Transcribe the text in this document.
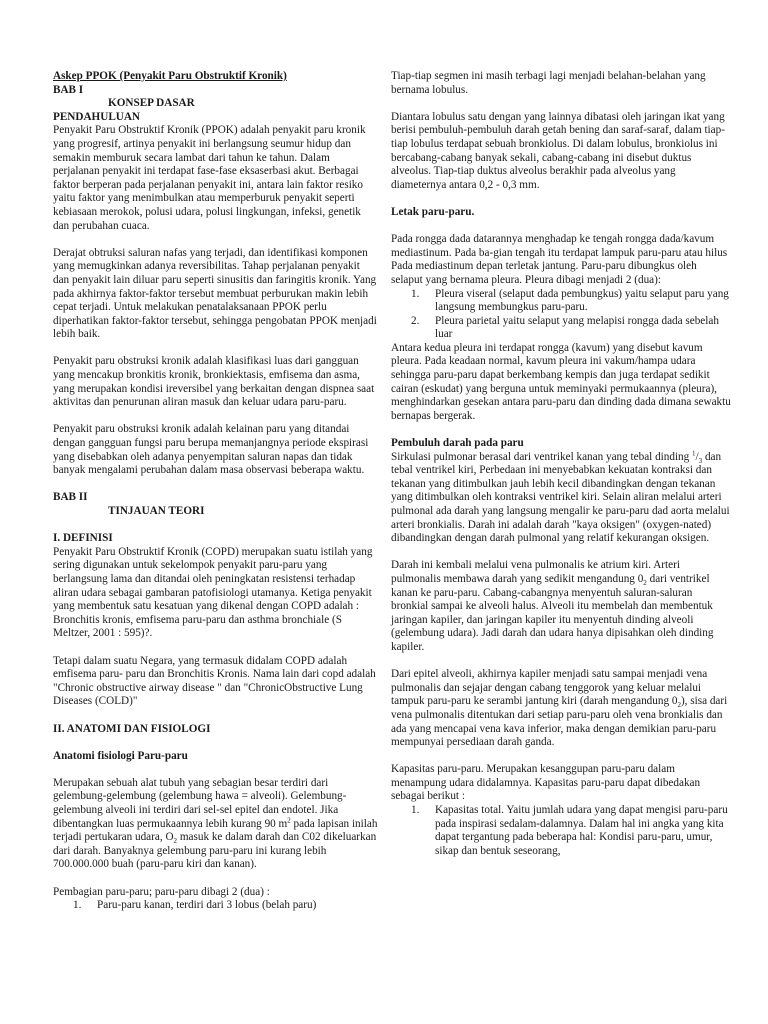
Askep PPOK (Penyakit Paru Obstruktif Kronik)

BAB I

KONSEP DASAR

PENDAHULUAN

Penyakit Paru Obstruktif Kronik (PPOK) adalah penyakit paru kronik yang progresif, artinya penyakit ini berlangsung seumur hidup dan semakin memburuk secara lambat dari tahun ke tahun. Dalam perjalanan penyakit ini terdapat fase-fase eksaserbasi akut. Berbagai faktor berperan pada perjalanan penyakit ini, antara lain faktor resiko yaitu faktor yang menimbulkan atau memperburuk penyakit seperti kebiasaan merokok, polusi udara, polusi lingkungan, infeksi, genetik dan perubahan cuaca.

Derajat obtruksi saluran nafas yang terjadi, dan identifikasi komponen yang memugkinkan adanya reversibilitas. Tahap perjalanan penyakit dan penyakit lain diluar paru seperti sinusitis dan faringitis kronik. Yang pada akhirnya faktor-faktor tersebut membuat perburukan makin lebih cepat terjadi. Untuk melakukan penatalaksanaan PPOK perlu diperhatikan faktor-faktor tersebut, sehingga pengobatan PPOK menjadi lebih baik.

Penyakit paru obstruksi kronik adalah klasifikasi luas dari gangguan yang mencakup bronkitis kronik, bronkiektasis, emfisema dan asma, yang merupakan kondisi ireversibel yang berkaitan dengan dispnea saat aktivitas dan penurunan aliran masuk dan keluar udara paru-paru.

Penyakit paru obstruksi kronik adalah kelainan paru yang ditandai dengan gangguan fungsi paru berupa memanjangnya periode ekspirasi yang disebabkan oleh adanya penyempitan saluran napas dan tidak banyak mengalami perubahan dalam masa observasi beberapa waktu.

BAB II

TINJAUAN TEORI

I. DEFINISI

Penyakit Paru Obstruktif Kronik (COPD) merupakan suatu istilah yang sering digunakan untuk sekelompok penyakit paru-paru yang berlangsung lama dan ditandai oleh peningkatan resistensi terhadap aliran udara sebagai gambaran patofisiologi utamanya. Ketiga penyakit yang membentuk satu kesatuan yang dikenal dengan COPD adalah : Bronchitis kronis, emfisema paru-paru dan asthma bronchiale (S Meltzer, 2001 : 595)?.

Tetapi dalam suatu Negara, yang termasuk didalam COPD adalah emfisema paru- paru dan Bronchitis Kronis. Nama lain dari copd adalah "Chronic obstructive airway disease " dan "ChronicObstructive Lung Diseases (COLD)"

II. ANATOMI DAN FISIOLOGI

Anatomi fisiologi Paru-paru

Merupakan sebuah alat tubuh yang sebagian besar terdiri dari gelembung-gelembung (gelembung hawa = alveoli). Gelembung-gelembung alveoli ini terdiri dari sel-sel epitel dan endotel. Jika dibentangkan luas permukaannya lebih kurang 90 $m^2$ pada lapisan inilah terjadi pertukaran udara, $O_2$ masuk ke dalam darah dan C02 dikeluarkan dari darah. Banyaknya gelembung paru-paru ini kurang lebih 700.000.000 buah (paru-paru kiri dan kanan).

Pembagian paru-paru; paru-paru dibagi 2 (dua) :

1. Paru-paru kanan, terdiri dari 3 lobus (belah paru)

Tiap-tiap segmen ini masih terbagi lagi menjadi belahan-belahan yang bernama lobulus.

Diantara lobulus satu dengan yang lainnya dibatasi oleh jaringan ikat yang berisi pembuluh-pembuluh darah getah bening dan saraf-saraf, dalam tiap-tiap lobulus terdapat sebuah bronkiolus. Di dalam lobulus, bronkiolus ini bercabang-cabang banyak sekali, cabang-cabang ini disebut duktus alveolus. Tiap-tiap duktus alveolus berakhir pada alveolus yang diameternya antara 0,2 - 0,3 mm.

Letak paru-paru.

Pada rongga dada datarannya menghadap ke tengah rongga dada/kavum mediastinum. Pada ba-gian tengah itu terdapat lampuk paru-paru atau hilus Pada mediastinum depan terletak jantung. Paru-paru dibungkus oleh selaput yang bernama pleura. Pleura dibagi menjadi 2 (dua):

1. Pleura viseral (selaput dada pembungkus) yaitu selaput paru yang langsung membungkus paru-paru.
2. Pleura parietal yaitu selaput yang melapisi rongga dada sebelah luar

Antara kedua pleura ini terdapat rongga (kavum) yang disebut kavum pleura. Pada keadaan normal, kavum pleura ini vakum/hampa udara sehingga paru-paru dapat berkembang kempis dan juga terdapat sedikit cairan (eskudat) yang berguna untuk meminyaki permukaannya (pleura), menghindarkan gesekan antara paru-paru dan dinding dada dimana sewaktu bernapas bergerak.

Pembuluh darah pada paru

Sirkulasi pulmonar berasal dari ventrikel kanan yang tebal dinding $^1/_3$ dan tebal ventrikel kiri, Perbedaan ini menyebabkan kekuatan kontraksi dan tekanan yang ditimbulkan jauh lebih kecil dibandingkan dengan tekanan yang ditimbulkan oleh kontraksi ventrikel kiri. Selain aliran melalui arteri pulmonal ada darah yang langsung mengalir ke paru-paru dad aorta melalui arteri bronkialis. Darah ini adalah darah "kaya oksigen" (oxygen-nated) dibandingkan dengan darah pulmonal yang relatif kekurangan oksigen.

Darah ini kembali melalui vena pulmonalis ke atrium kiri. Arteri pulmonalis membawa darah yang sedikit mengandung $0_2$ dari ventrikel kanan ke paru-paru. Cabang-cabangnya menyentuh saluran-saluran bronkial sampai ke alveoli halus. Alveoli itu membelah dan membentuk jaringan kapiler, dan jaringan kapiler itu menyentuh dinding alveoli (gelembung udara). Jadi darah dan udara hanya dipisahkan oleh dinding kapiler.

Dari epitel alveoli, akhirnya kapiler menjadi satu sampai menjadi vena pulmonalis dan sejajar dengan cabang tenggorok yang keluar melalui tampuk paru-paru ke serambi jantung kiri (darah mengandung $0_2$), sisa dari vena pulmonalis ditentukan dari setiap paru-paru oleh vena bronkialis dan ada yang mencapai vena kava inferior, maka dengan demikian paru-paru mempunyai persediaan darah ganda.

Kapasitas paru-paru. Merupakan kesanggupan paru-paru dalam menampung udara didalamnya. Kapasitas paru-paru dapat dibedakan sebagai berikut :

1. Kapasitas total. Yaitu jumlah udara yang dapat mengisi paru-paru pada inspirasi sedalam-dalamnya. Dalam hal ini angka yang kita dapat tergantung pada beberapa hal: Kondisi paru-paru, umur, sikap dan bentuk seseorang,
